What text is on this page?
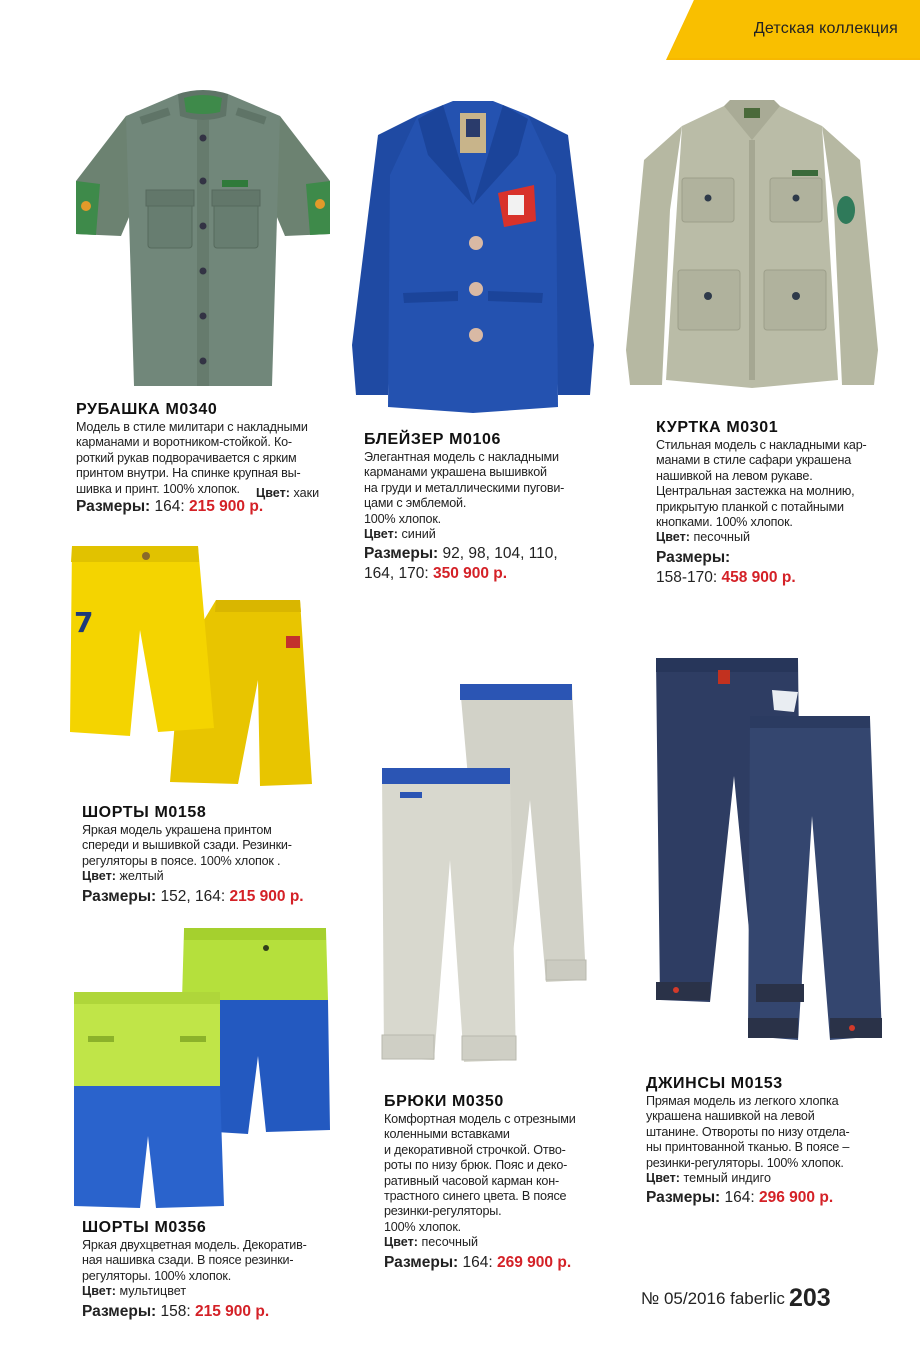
Детская коллекция
РУБАШКА М0340
Модель в стиле милитари с накладными
карманами и воротником-стойкой. Ко-
роткий рукав подворачивается с ярким
принтом внутри. На спинке крупная вы-
шивка и принт. 100% хлопок.	Цвет: хаки
Размеры: 164: 215 900 р.
БЛЕЙЗЕР М0106
Элегантная модель с накладными
карманами украшена вышивкой
на груди и металлическими пугови-
цами с эмблемой.
100% хлопок.
Цвет: синий
Размеры: 92, 98, 104, 110,
164, 170: 350 900 р.
КУРТКА М0301
Стильная модель с накладными кар-
манами в стиле сафари украшена
нашивкой на левом рукаве.
Центральная застежка на молнию,
прикрытую планкой с потайными
кнопками. 100% хлопок.
Цвет: песочный
Размеры:
158-170: 458 900 р.
7
ШОРТЫ М0158
Яркая модель украшена принтом
спереди и вышивкой сзади. Резинки-
регуляторы в поясе. 100% хлопок .
Цвет: желтый
Размеры: 152, 164: 215 900 р.
БРЮКИ М0350
Комфортная модель с отрезными
коленными вставками
и декоративной строчкой. Отво-
роты по низу брюк. Пояс и деко-
ративный часовой карман кон-
трастного синего цвета. В поясе
резинки-регуляторы.
100% хлопок.
Цвет: песочный
Размеры: 164: 269 900 р.
ДЖИНСЫ М0153
Прямая модель из легкого хлопка
украшена нашивкой на левой
штанине. Отвороты по низу отдела-
ны принтованной тканью. В поясе –
резинки-регуляторы. 100% хлопок.
Цвет: темный индиго
Размеры: 164: 296 900 р.
ШОРТЫ М0356
Яркая двухцветная модель. Декоратив-
ная нашивка сзади. В поясе резинки-
регуляторы. 100% хлопок.
Цвет: мультицвет
Размеры: 158: 215 900 р.
№ 05/2016 faberlic 203
